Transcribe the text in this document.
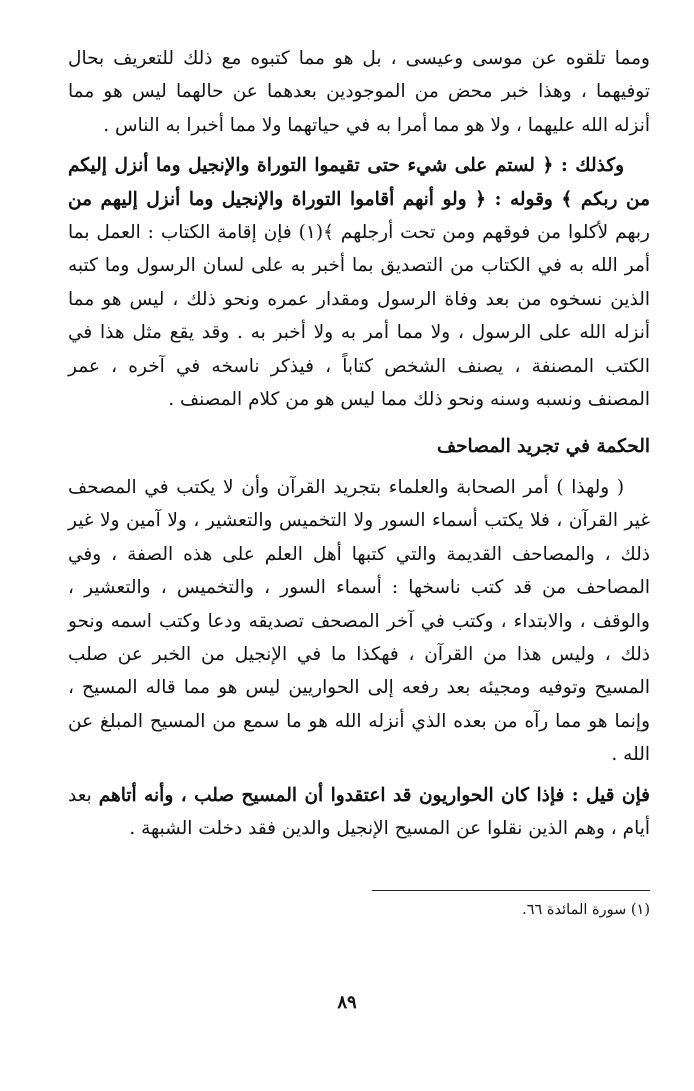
ومما تلقوه عن موسى وعيسى ، بل هو مما كتبوه مع ذلك للتعريف بحال توفيهما ، وهذا خبر محض من الموجودين بعدهما عن حالهما ليس هو مما أنزله الله عليهما ، ولا هو مما أمرا به في حياتهما ولا مما أخبرا به الناس .

وكذلك : ﴿ لستم على شيء حتى تقيموا التوراة والإنجيل وما أنزل إليكم من ربكم ﴾ وقوله : ﴿ ولو أنهم أقاموا التوراة والإنجيل وما أنزل إليهم من ربهم لأكلوا من فوقهم ومن تحت أرجلهم ﴾(١) فإن إقامة الكتاب : العمل بما أمر الله به في الكتاب من التصديق بما أخبر به على لسان الرسول وما كتبه الذين نسخوه من بعد وفاة الرسول ومقدار عمره ونحو ذلك ، ليس هو مما أنزله الله على الرسول ، ولا مما أمر به ولا أخبر به . وقد يقع مثل هذا في الكتب المصنفة ، يصنف الشخص كتاباً ، فيذكر ناسخه في آخره ، عمر المصنف ونسبه وسنه ونحو ذلك مما ليس هو من كلام المصنف .

الحكمة في تجريد المصاحف

( ولهذا ) أمر الصحابة والعلماء بتجريد القرآن وأن لا يكتب في المصحف غير القرآن ، فلا يكتب أسماء السور ولا التخميس والتعشير ، ولا آمين ولا غير ذلك ، والمصاحف القديمة والتي كتبها أهل العلم على هذه الصفة ، وفي المصاحف من قد كتب ناسخها : أسماء السور ، والتخميس ، والتعشير ، والوقف ، والابتداء ، وكتب في آخر المصحف تصديقه ودعا وكتب اسمه ونحو ذلك ، وليس هذا من القرآن ، فهكذا ما في الإنجيل من الخبر عن صلب المسيح وتوفيه ومجيئه بعد رفعه إلى الحواريين ليس هو مما قاله المسيح ، وإنما هو مما رآه من بعده الذي أنزله الله هو ما سمع من المسيح المبلغ عن الله .

فإن قيل : فإذا كان الحواريون قد اعتقدوا أن المسيح صلب ، وأنه أتاهم بعد أيام ، وهم الذين نقلوا عن المسيح الإنجيل والدين فقد دخلت الشبهة .

(١) سورة المائدة ٦٦.
٨٩
